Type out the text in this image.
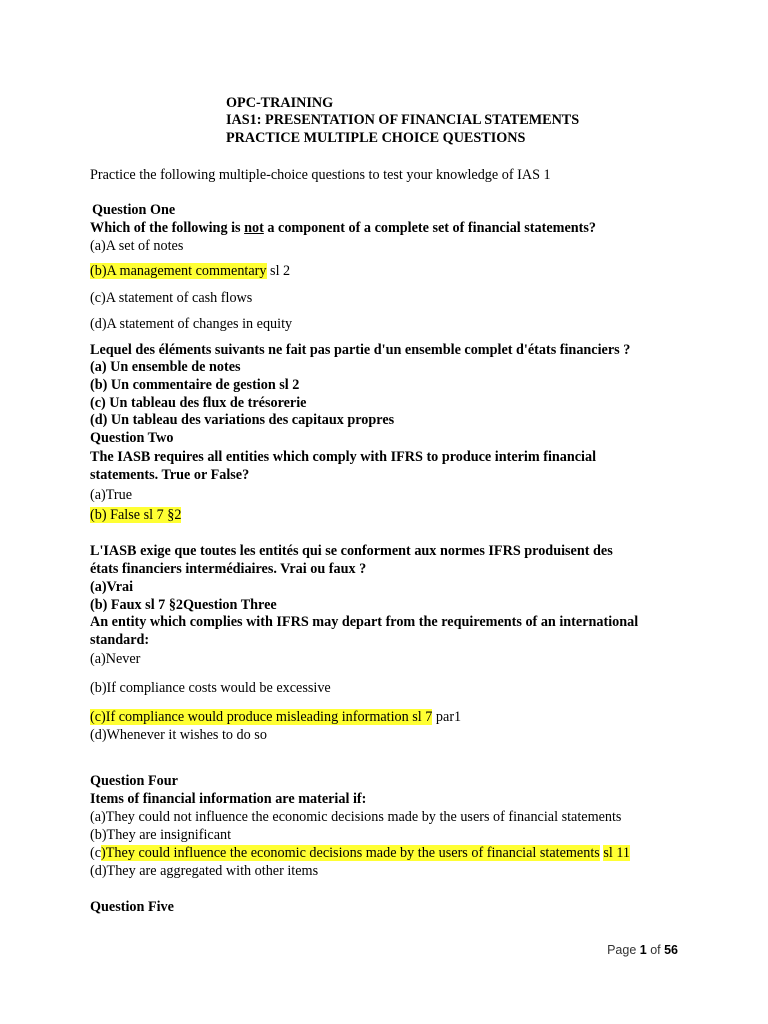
OPC-TRAINING
IAS1: PRESENTATION OF FINANCIAL STATEMENTS
PRACTICE MULTIPLE CHOICE QUESTIONS
Practice the following multiple-choice questions to test your knowledge of IAS 1
Question One
Which of the following is not a component of a complete set of financial statements?
(a)A set of notes
(b)A management commentary sl 2
(c)A statement of cash flows
(d)A statement of changes in equity
Lequel des éléments suivants ne fait pas partie d'un ensemble complet d'états financiers ?
(a) Un ensemble de notes
(b) Un commentaire de gestion sl 2
(c) Un tableau des flux de trésorerie
(d) Un tableau des variations des capitaux propres
Question Two
The IASB requires all entities which comply with IFRS to produce interim financial
statements. True or False?
(a)True
(b) False sl 7 §2
L'IASB exige que toutes les entités qui se conforment aux normes IFRS produisent des
états financiers intermédiaires. Vrai ou faux ?
(a)Vrai
(b) Faux sl 7 §2Question Three
An entity which complies with IFRS may depart from the requirements of an international
standard:
(a)Never
(b)If compliance costs would be excessive
(c)If compliance would produce misleading information sl 7 par1
(d)Whenever it wishes to do so
Question Four
Items of financial information are material if:
(a)They could not influence the economic decisions made by the users of financial statements
(b)They are insignificant
(c)They could influence the economic decisions made by the users of financial statements sl 11
(d)They are aggregated with other items
Question Five
Page 1 of 56
